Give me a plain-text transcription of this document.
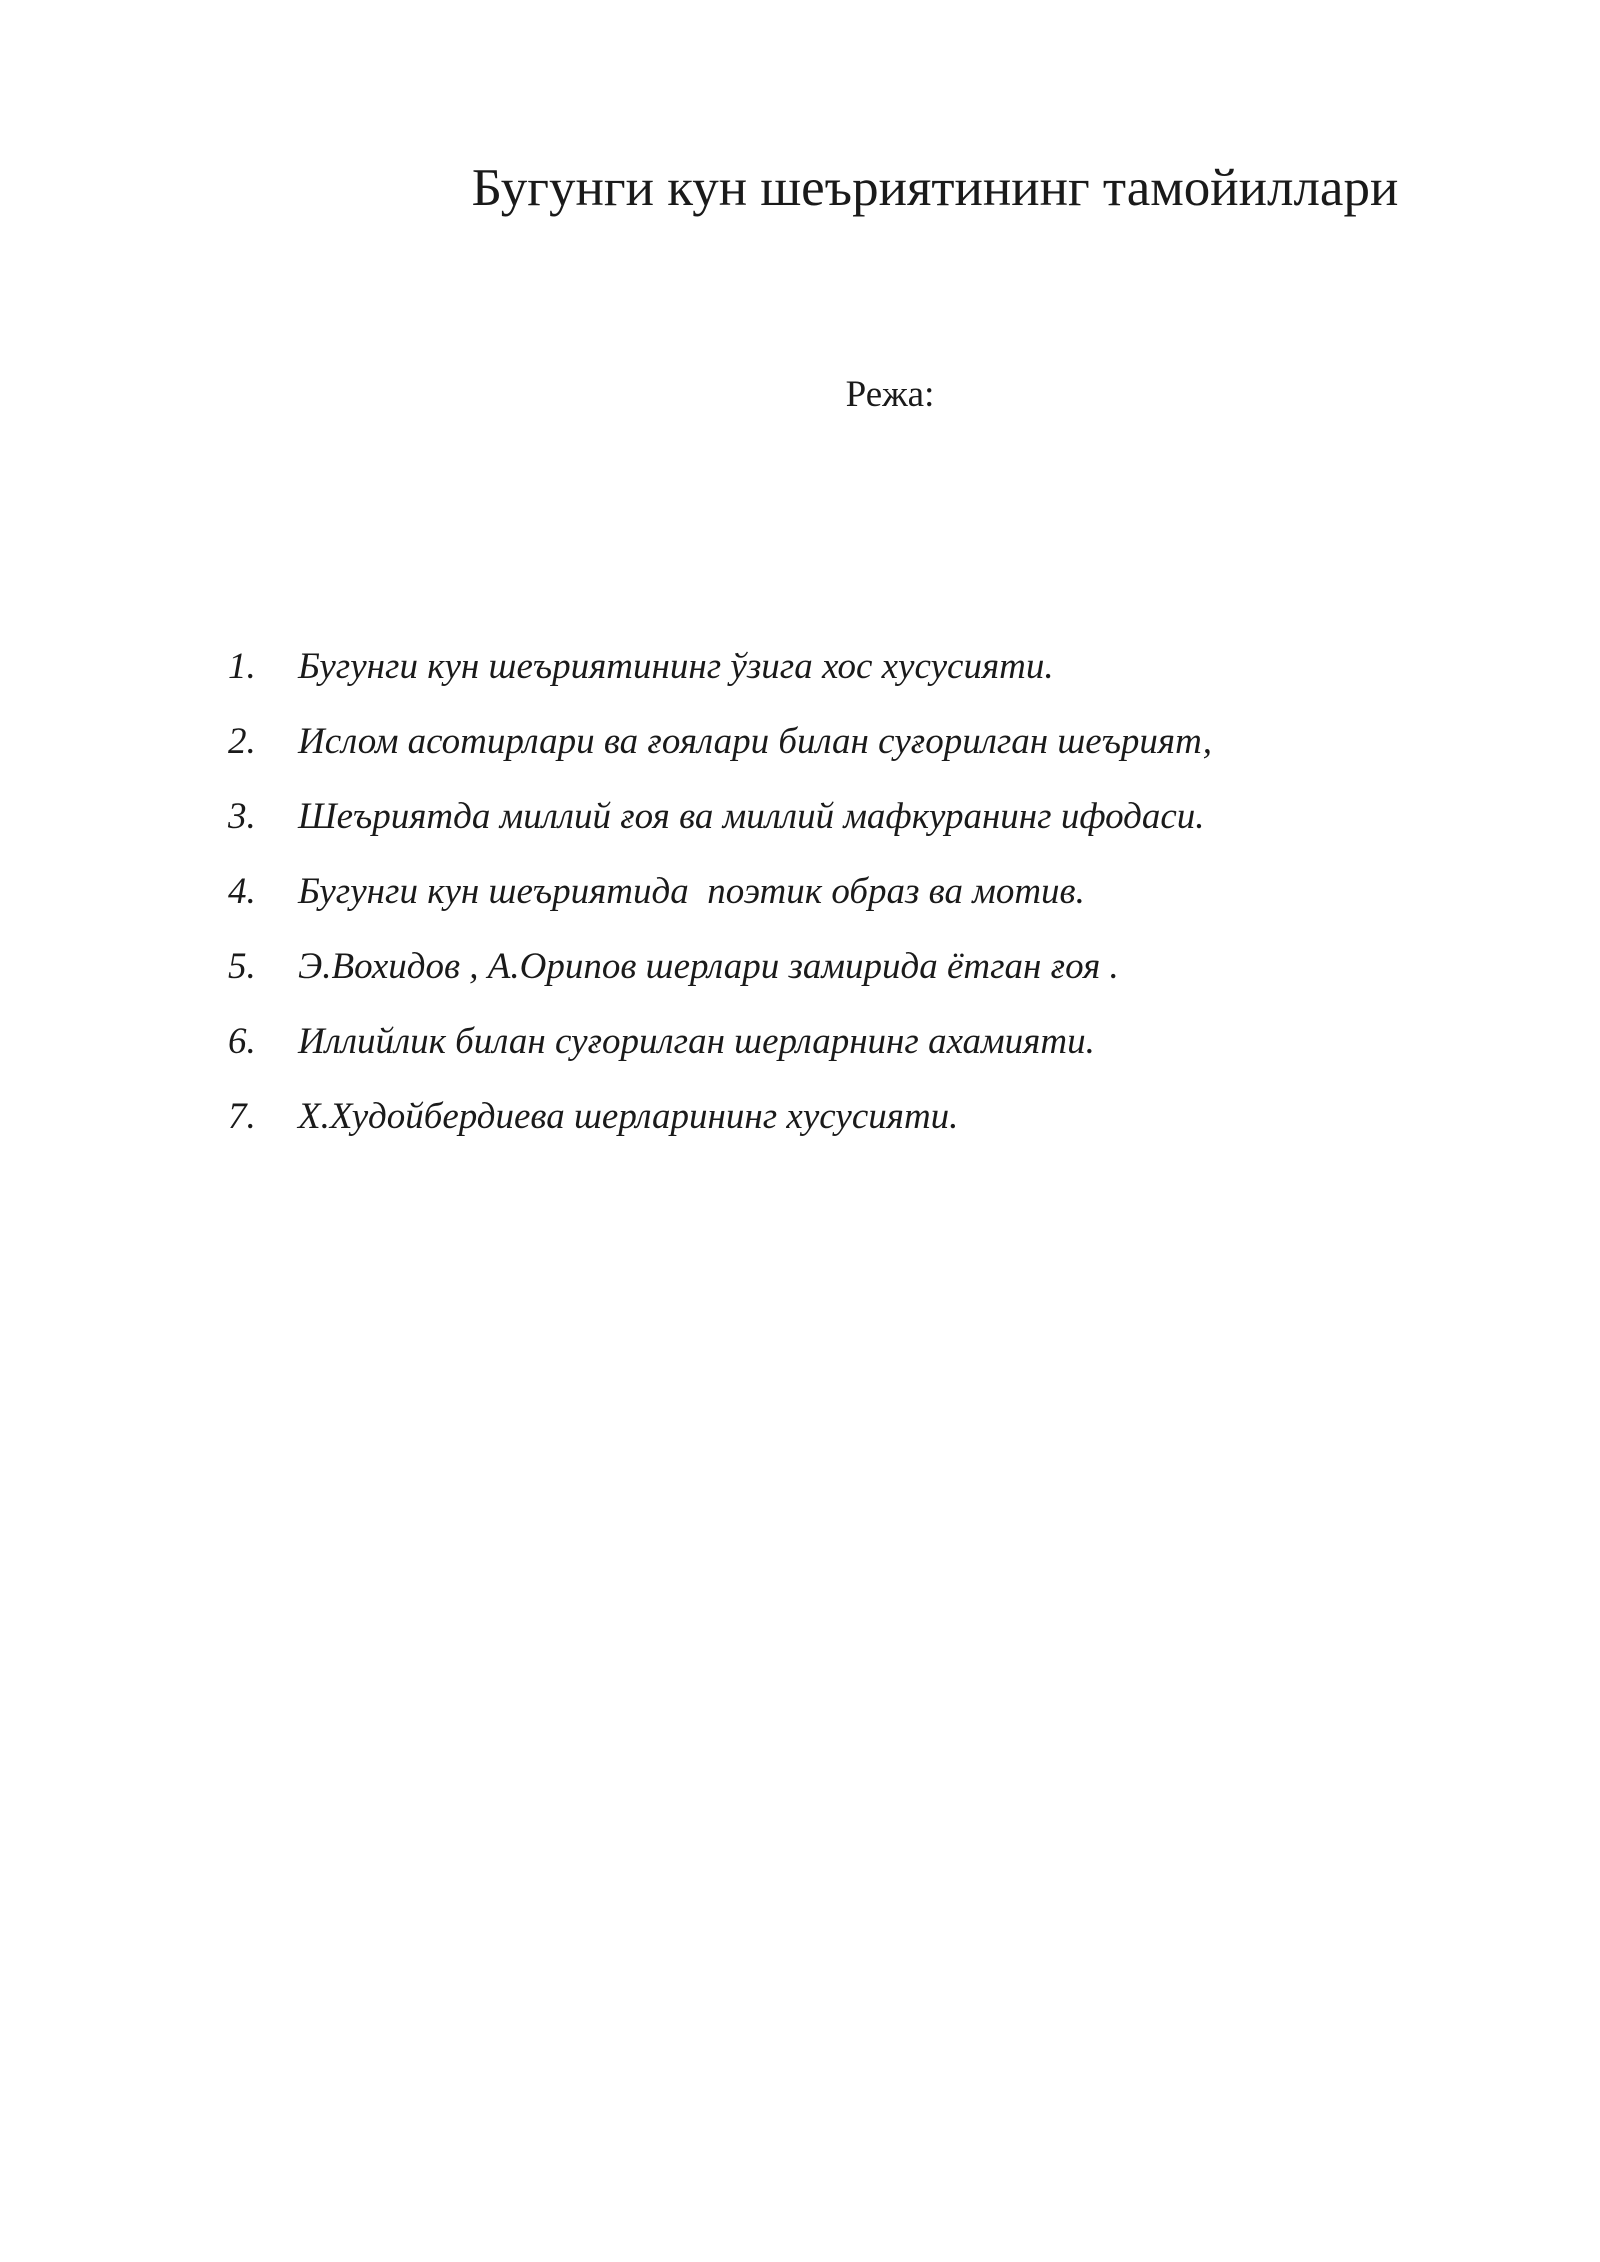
Бугунги кун шеъриятининг тамойиллари
Режа:
1. Бугунги кун шеъриятининг ўзига хос хусусияти.
2. Ислом асотирлари ва ғоялари билан суғорилган шеърият,
3. Шеъриятда миллий ғоя ва миллий мафкуранинг ифодаси.
4. Бугунги кун шеъриятида  поэтик образ ва мотив.
5. Э.Вохидов , А.Орипов шерлари замирида ётган ғоя .
6. Иллийлик билан суғорилган шерларнинг ахамияти.
7. Х.Худойбердиева шерларининг хусусияти.
